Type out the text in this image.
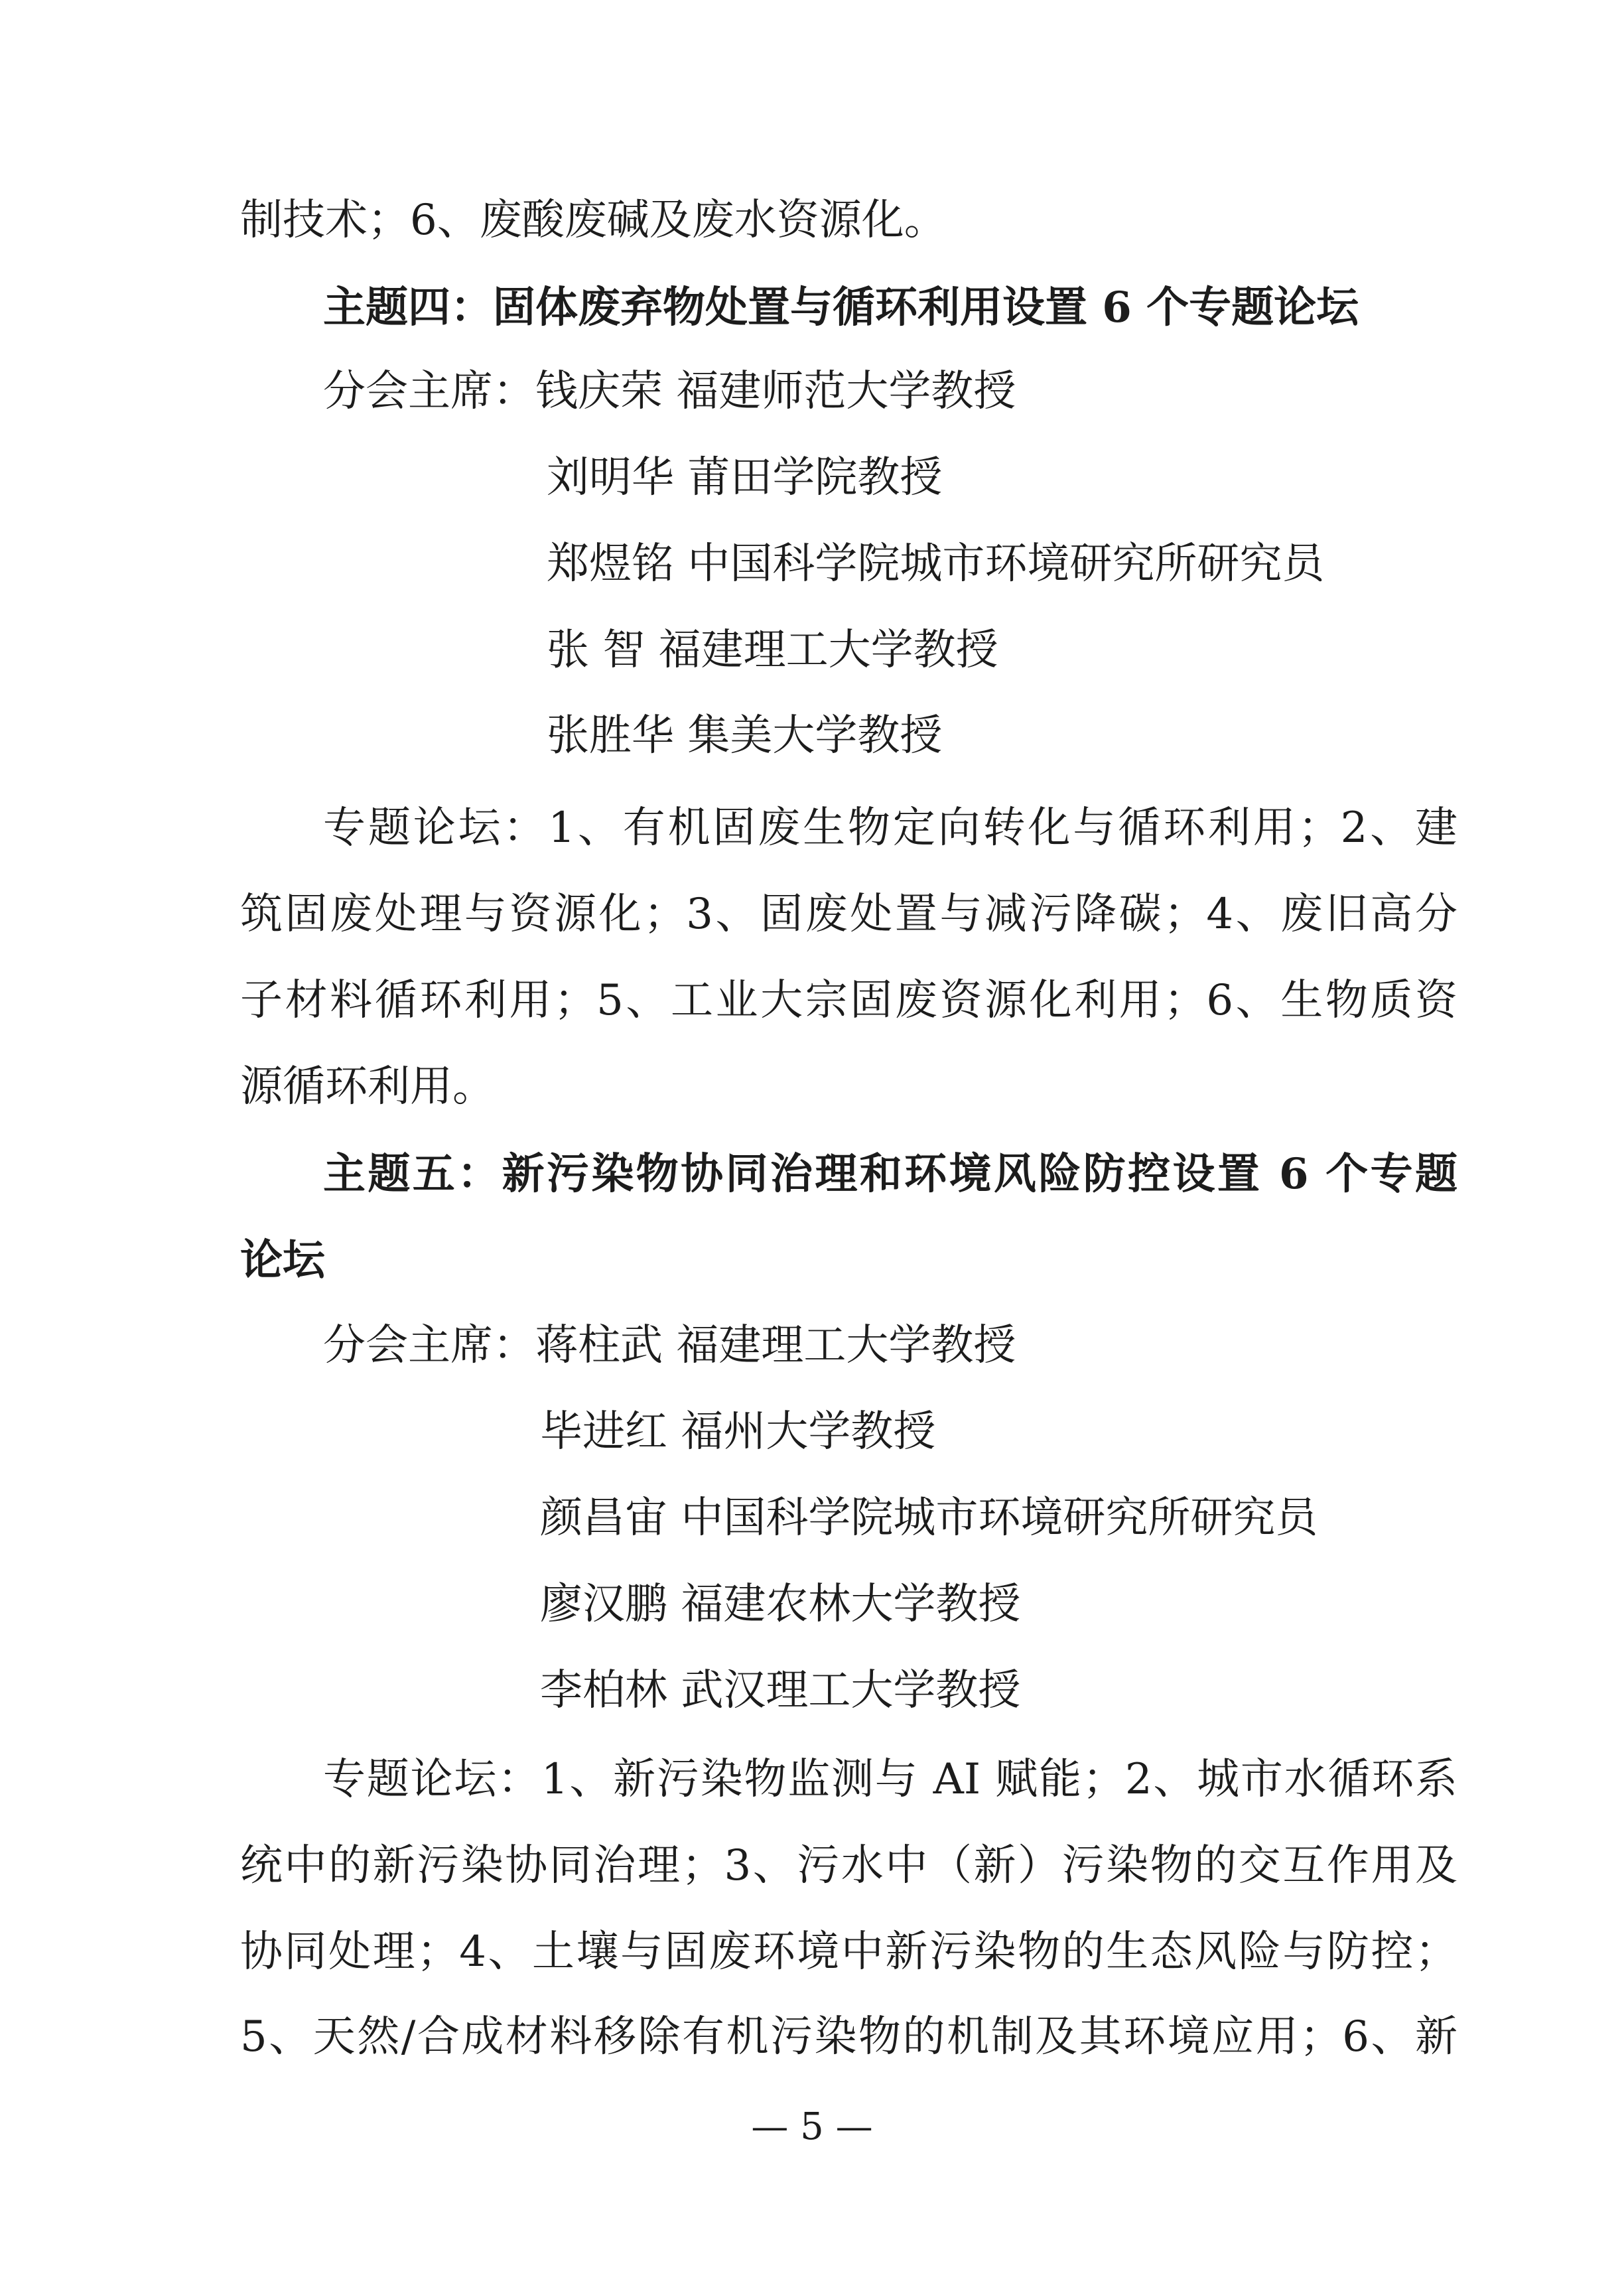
制技术；6、废酸废碱及废水资源化。
主题四：固体废弃物处置与循环利用设置 6 个专题论坛
分会主席：钱庆荣 福建师范大学教授
刘明华 莆田学院教授
郑煜铭 中国科学院城市环境研究所研究员
张 智 福建理工大学教授
张胜华 集美大学教授
专题论坛：1、有机固废生物定向转化与循环利用；2、建
筑固废处理与资源化；3、固废处置与减污降碳；4、废旧高分
子材料循环利用；5、工业大宗固废资源化利用；6、生物质资
源循环利用。
主题五：新污染物协同治理和环境风险防控设置 6 个专题
论坛
分会主席：蒋柱武 福建理工大学教授
毕进红 福州大学教授
颜昌宙 中国科学院城市环境研究所研究员
廖汉鹏 福建农林大学教授
李柏林 武汉理工大学教授
专题论坛：1、新污染物监测与 AI 赋能；2、城市水循环系
统中的新污染协同治理；3、污水中（新）污染物的交互作用及
协同处理；4、土壤与固废环境中新污染物的生态风险与防控；
5、天然/合成材料移除有机污染物的机制及其环境应用；6、新
— 5 —
